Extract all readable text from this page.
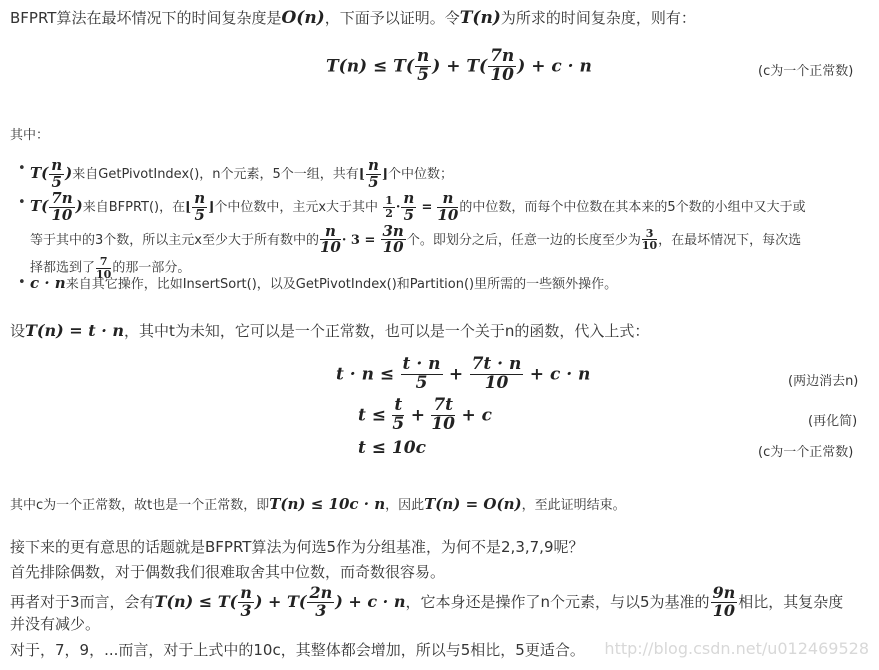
BFPRT算法在最坏情况下的时间复杂度是O(n)，下面予以证明。令T(n)为所求的时间复杂度，则有：
$T(n) \le T( \frac{n}{5}$ ) + $T( \frac{7n}{10}$ ) + c · n	(c为一个正常数)
其中：
• $T( \frac{n}{5}$ )来自GetPivotIndex()，n个元素，5个一组，共有⌊ $\frac{n}{5}$ ⌋个中位数；
• $T( \frac{7n}{10}$ )来自BFPRT()，在⌊ $\frac{n}{5}$ ⌋个中位数中，主元x大于其中 $\frac{1}{2} \cdot \frac{n}{5} = \frac{n}{10}$ 的中位数，而每个中位数在其本来的5个数的小组中又大于或
等于其中的3个数，所以主元x至少大于所有数中的 $\frac{n}{10} \cdot 3 = \frac{3n}{10}$ 个。即划分之后，任意一边的长度至少为 $\frac{3}{10}$ ，在最坏情况下，每次选
择都选到了 $\frac{7}{10}$ 的那一部分。
• c · n来自其它操作，比如InsertSort()，以及GetPivotIndex()和Partition()里所需的一些额外操作。
设T(n) = t · n，其中t为未知，它可以是一个正常数，也可以是一个关于n的函数，代入上式：
$t \cdot n \le \frac{t \cdot n}{5} + \frac{7t \cdot n}{10} + c \cdot n$	(两边消去n)
$t \le \frac{t}{5} + \frac{7t}{10} + c$	(再化简)
t ≤ 10c	(c为一个正常数)
其中c为一个正常数，故t也是一个正常数，即T(n) ≤ 10c · n，因此T(n) = O(n)，至此证明结束。
接下来的更有意思的话题就是BFPRT算法为何选5作为分组基准，为何不是2,3,7,9呢？
首先排除偶数，对于偶数我们很难取舍其中位数，而奇数很容易。
再者对于3而言，会有$T(n) \le T( \frac{n}{3}$ ) + $T( \frac{2n}{3}$ ) + c · n，它本身还是操作了n个元素，与以5为基准的 $\frac{9n}{10}$ 相比，其复杂度
并没有减少。
对于，7，9，...而言，对于上式中的10c，其整体都会增加，所以与5相比，5更适合。 http://blog.csdn.net/u012469528
